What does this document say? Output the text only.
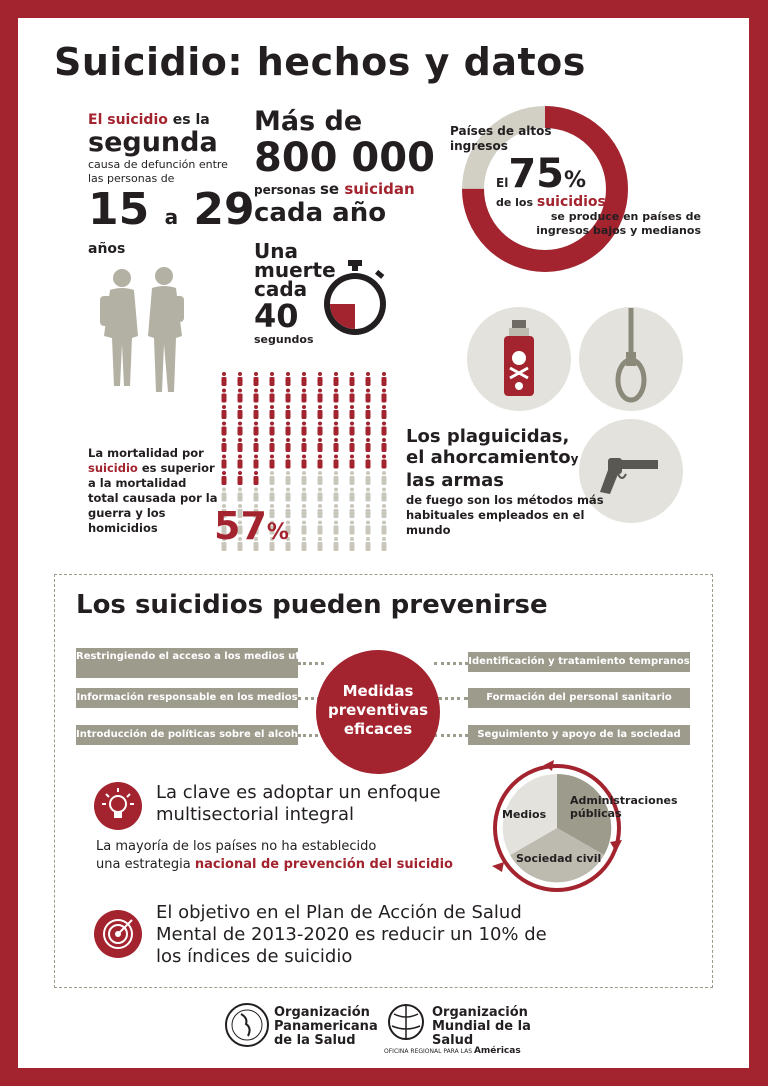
Suicidio: hechos y datos
El suicidio es la
segunda
causa de defunción entre las personas de
15 a 29
años
Más de
800 000
personas se suicidan
cada año
Una
muerte
cada
40
segundos
Países de altos ingresos
El75%
de los suicidios
se produce en países de ingresos bajos y medianos
Los plaguicidas,
el ahorcamientoy
las armas
de fuego son los métodos más habituales empleados en el mundo
La mortalidad por
suicidio es superior
a la mortalidad total causada por la guerra y los homicidios	57%
Los suicidios pueden prevenirse
Restringiendo el acceso a los medios utilizados
Información responsable en los medios
Introducción de políticas sobre el alcohol
Identificación y tratamiento tempranos
Formación del personal sanitario
Seguimiento y apoyo de la sociedad
Medidas
preventivas
eficaces
La clave es adoptar un enfoque multisectorial integral
La mayoría de los países no ha establecido
una estrategia nacional de prevención del suicidio
Medios
Administraciones públicas
Sociedad civil
El objetivo en el Plan de Acción de Salud Mental de 2013-2020 es reducir un 10% de los índices de suicidio
Organización Panamericana de la Salud
Organización Mundial de la Salud
OFICINA REGIONAL PARA LAS Américas
